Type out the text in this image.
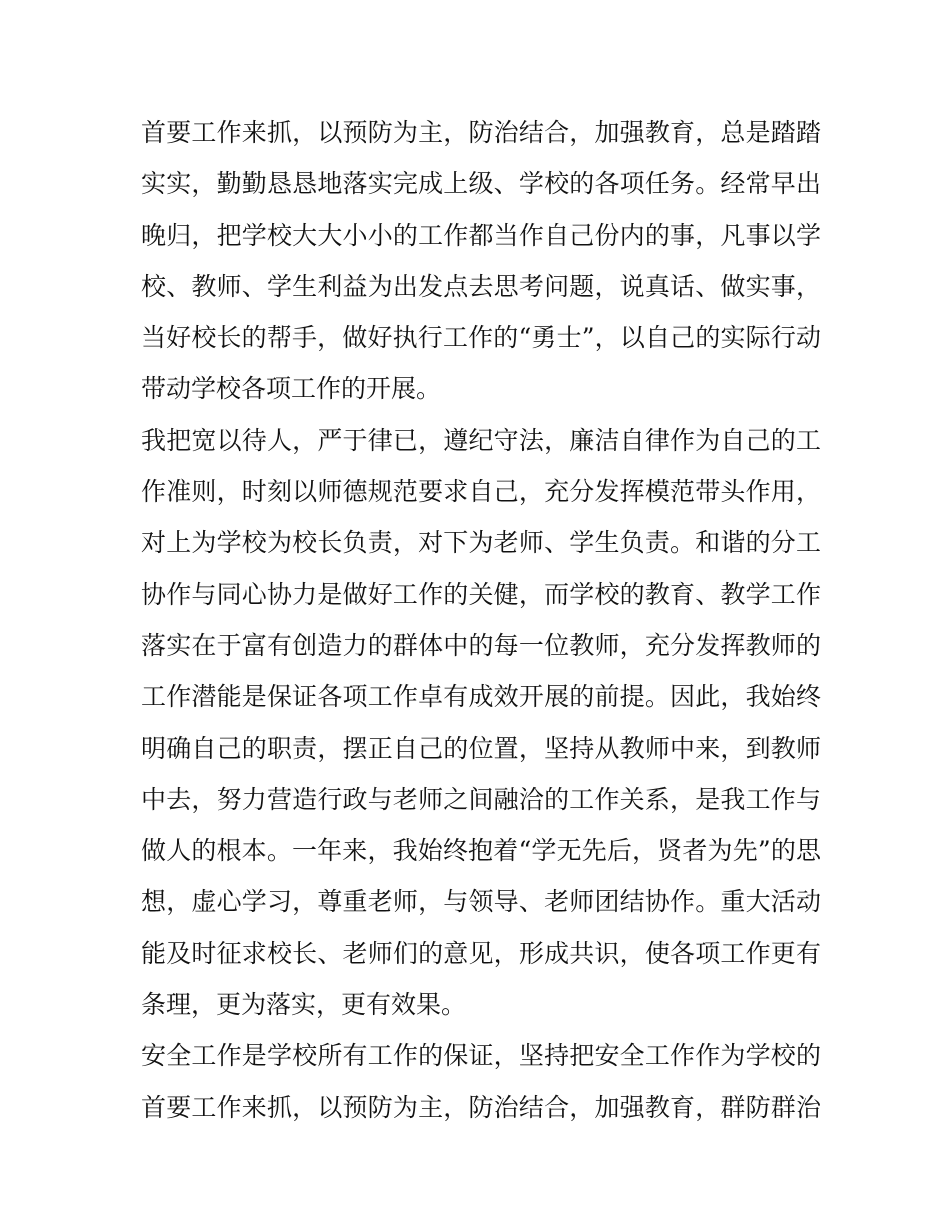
首要工作来抓，以预防为主，防治结合，加强教育，总是踏踏
实实，勤勤恳恳地落实完成上级、学校的各项任务。经常早出
晚归，把学校大大小小的工作都当作自己份内的事，凡事以学
校、教师、学生利益为出发点去思考问题，说真话、做实事，
当好校长的帮手，做好执行工作的“勇士”，以自己的实际行动
带动学校各项工作的开展。
我把宽以待人，严于律已，遵纪守法，廉洁自律作为自己的工
作准则，时刻以师德规范要求自己，充分发挥模范带头作用，
对上为学校为校长负责，对下为老师、学生负责。和谐的分工
协作与同心协力是做好工作的关健，而学校的教育、教学工作
落实在于富有创造力的群体中的每一位教师，充分发挥教师的
工作潜能是保证各项工作卓有成效开展的前提。因此，我始终
明确自己的职责，摆正自己的位置，坚持从教师中来，到教师
中去，努力营造行政与老师之间融洽的工作关系，是我工作与
做人的根本。一年来，我始终抱着“学无先后，贤者为先”的思
想，虚心学习，尊重老师，与领导、老师团结协作。重大活动
能及时征求校长、老师们的意见，形成共识，使各项工作更有
条理，更为落实，更有效果。
安全工作是学校所有工作的保证，坚持把安全工作作为学校的
首要工作来抓，以预防为主，防治结合，加强教育，群防群治
